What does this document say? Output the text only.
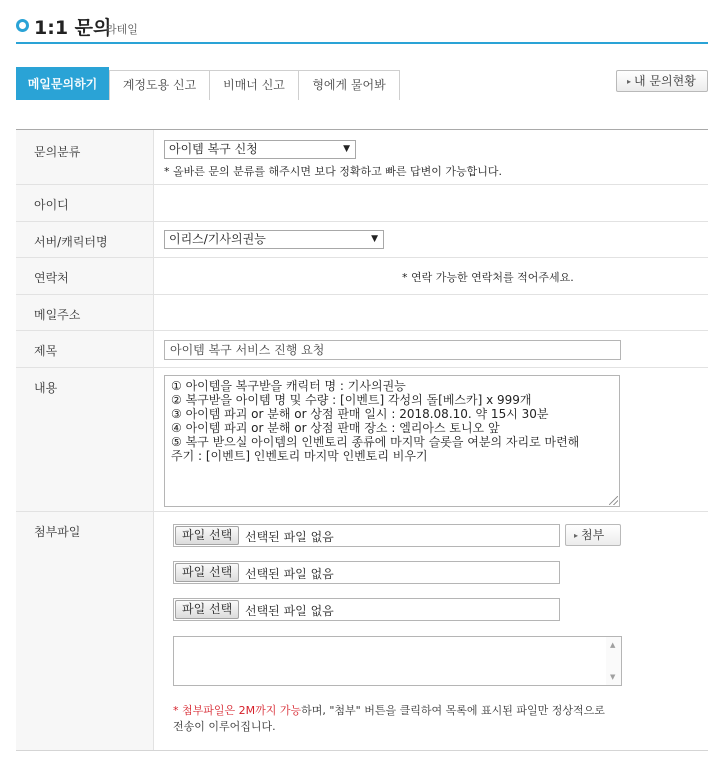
1:1 문의
라테일
메일문의하기	계정도용 신고	비매너 신고	형에게 물어봐	▸ 내 문의현황
문의분류	아이템 복구 신청	▼
* 올바른 문의 분류를 해주시면 보다 정확하고 빠른 답변이 가능합니다.
아이디
서버/캐릭터명	이리스/기사의권능	▼
연락처	* 연락 가능한 연락처를 적어주세요.
메일주소
제목	아이템 복구 서비스 진행 요청
내용	① 아이템을 복구받을 캐릭터 명 : 기사의권능
② 복구받을 아이템 명 및 수량 : [이벤트] 각성의 돌[베스카] x 999개
③ 아이템 파괴 or 분해 or 상점 판매 일시 : 2018.08.10. 약 15시 30분
④ 아이템 파괴 or 분해 or 상점 판매 장소 : 엘리아스 토니오 앞
⑤ 복구 받으실 아이템의 인벤토리 종류에 마지막 슬롯을 여분의 자리로 마련해
주기 : [이벤트] 인벤토리 마지막 인벤토리 비우기
첨부파일	파일 선택	선택된 파일 없음	▸ 첨부
파일 선택	선택된 파일 없음
파일 선택	선택된 파일 없음
▲
▼
* 첨부파일은 2M까지 가능하며, "첨부" 버튼을 클릭하여 목록에 표시된 파일만 정상적으로
전송이 이루어집니다.
